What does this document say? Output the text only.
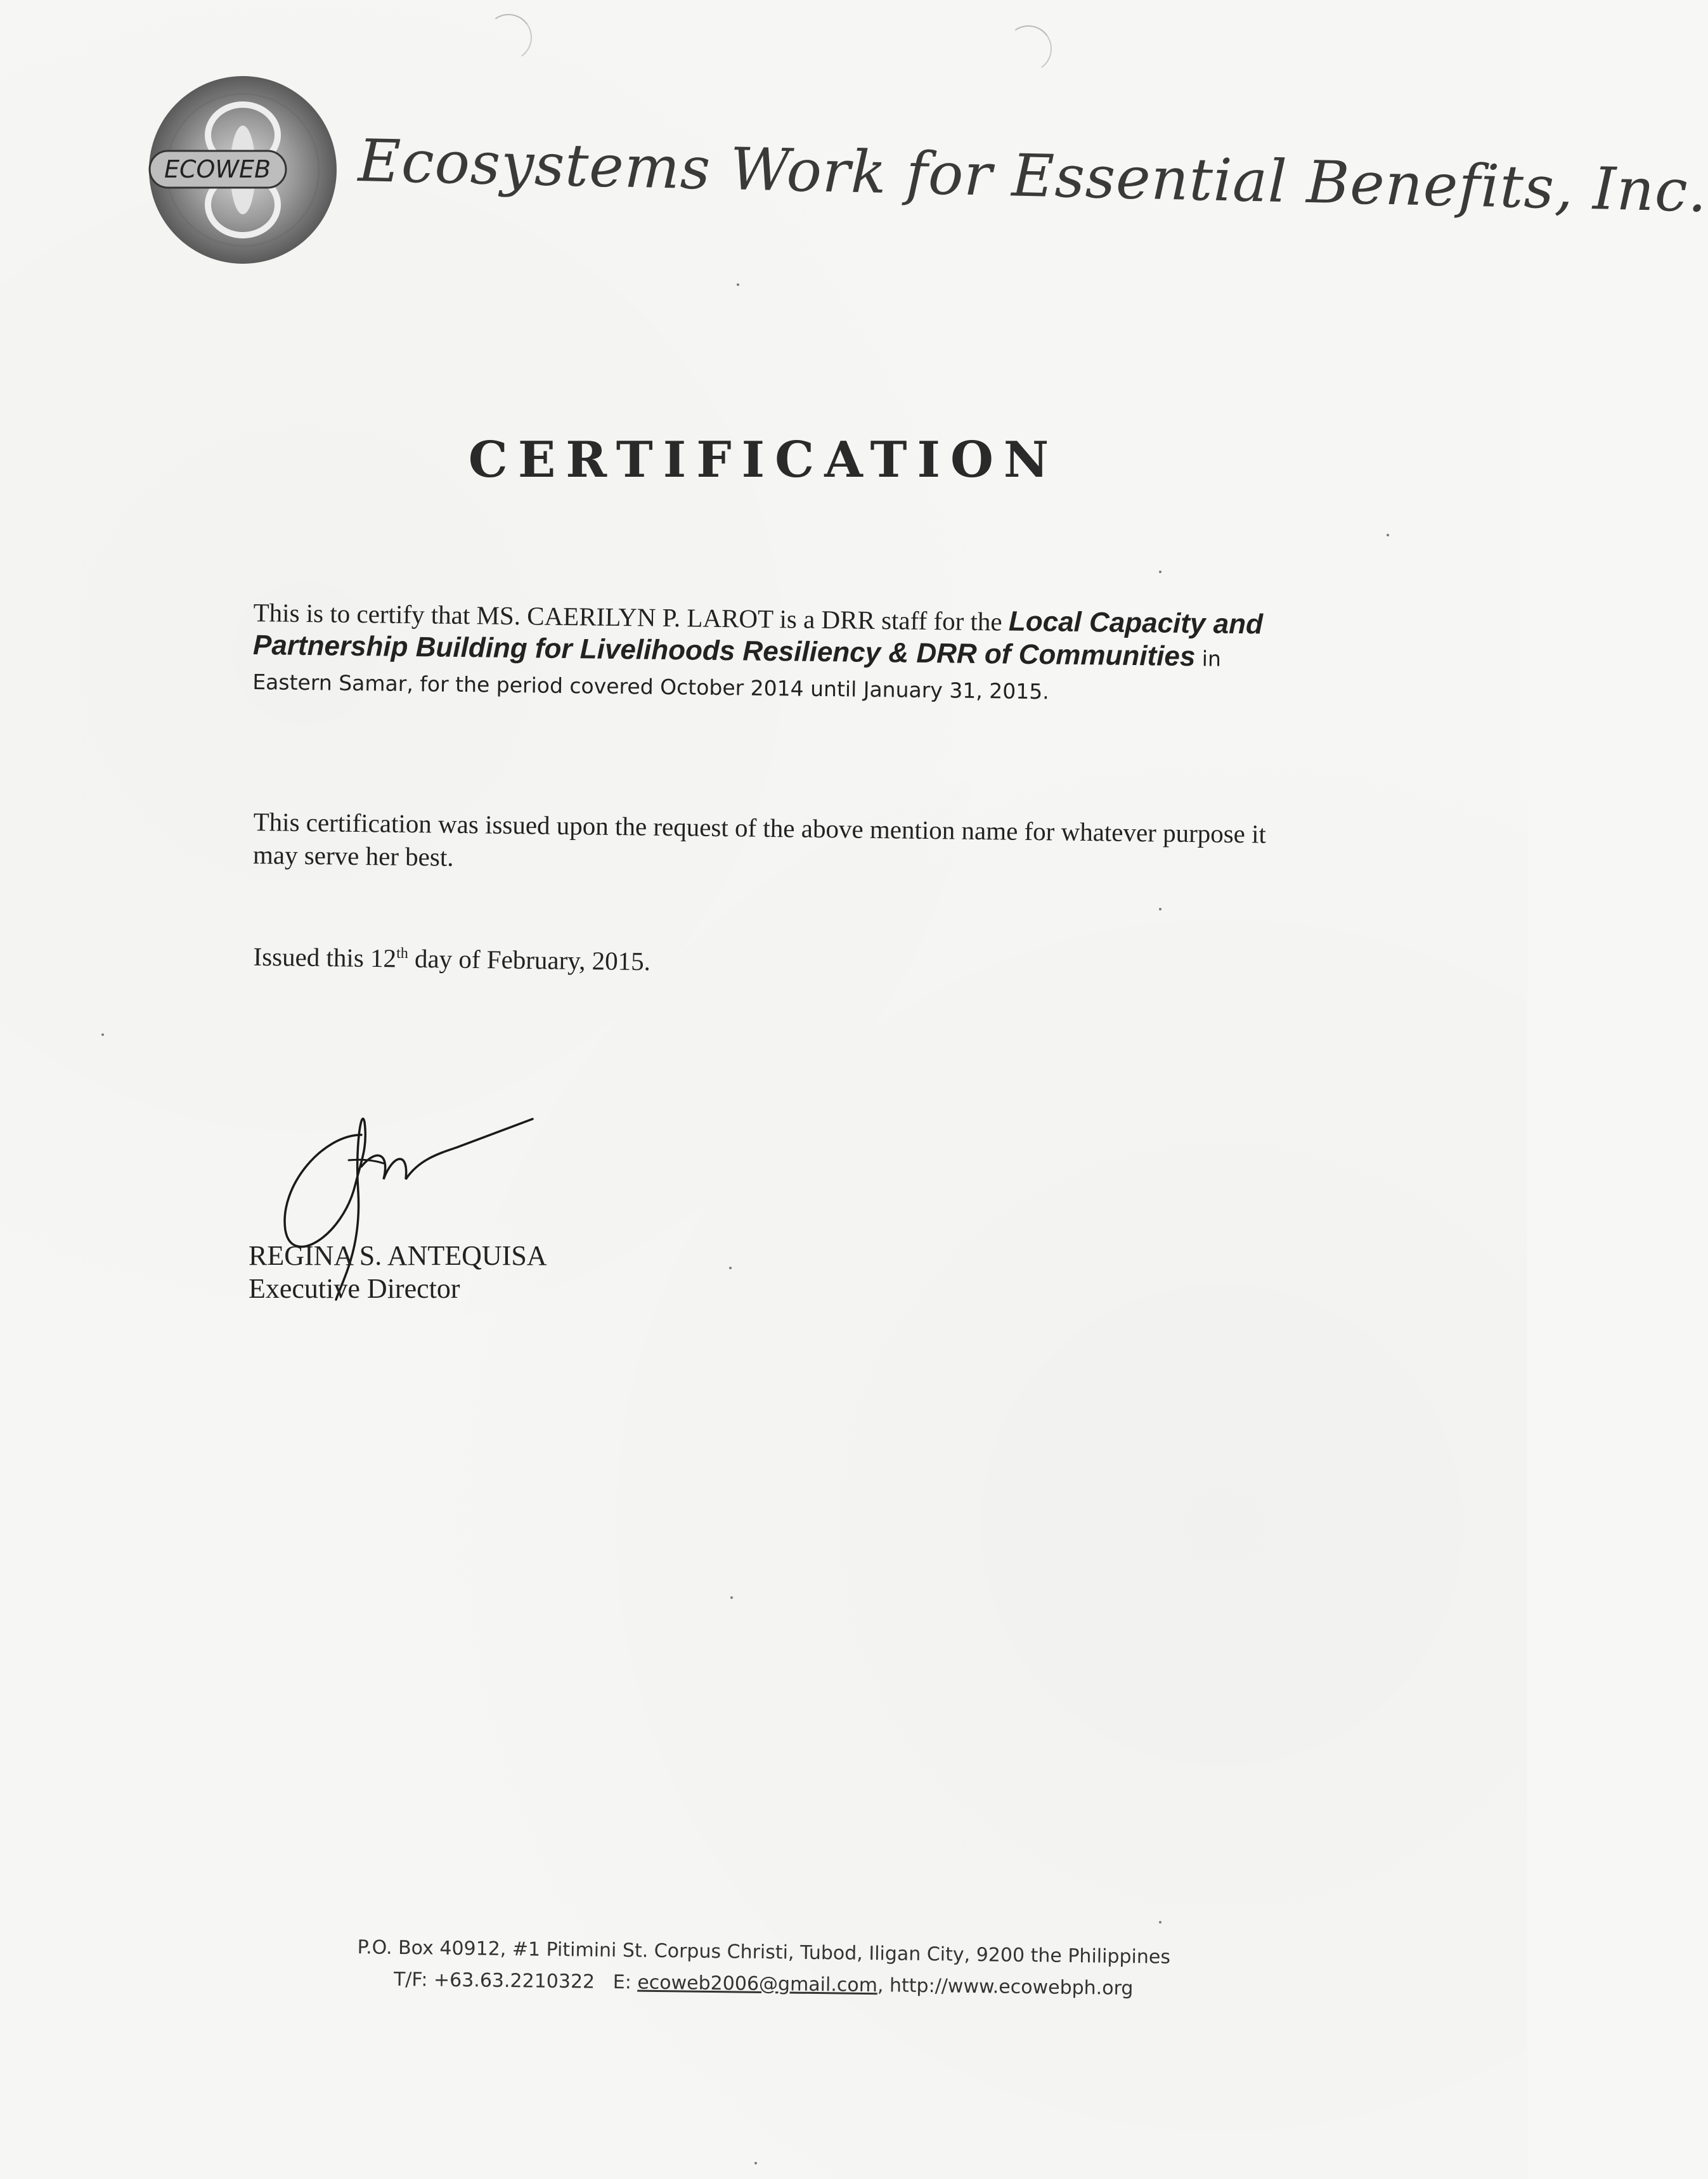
ECOWEB Ecosystems Work for Essential Benefits, Inc.
CERTIFICATION
This is to certify that MS. CAERILYN P. LAROT is a DRR staff for the Local Capacity and Partnership Building for Livelihoods Resiliency & DRR of Communities in Eastern Samar, for the period covered October 2014 until January 31, 2015.
This certification was issued upon the request of the above mention name for whatever purpose it may serve her best.
Issued this 12th day of February, 2015.
REGINA S. ANTEQUISA
Executive Director
P.O. Box 40912, #1 Pitimini St. Corpus Christi, Tubod, Iligan City, 9200 the Philippines
T/F: +63.63.2210322 E: ecoweb2006@gmail.com, http://www.ecowebph.org
